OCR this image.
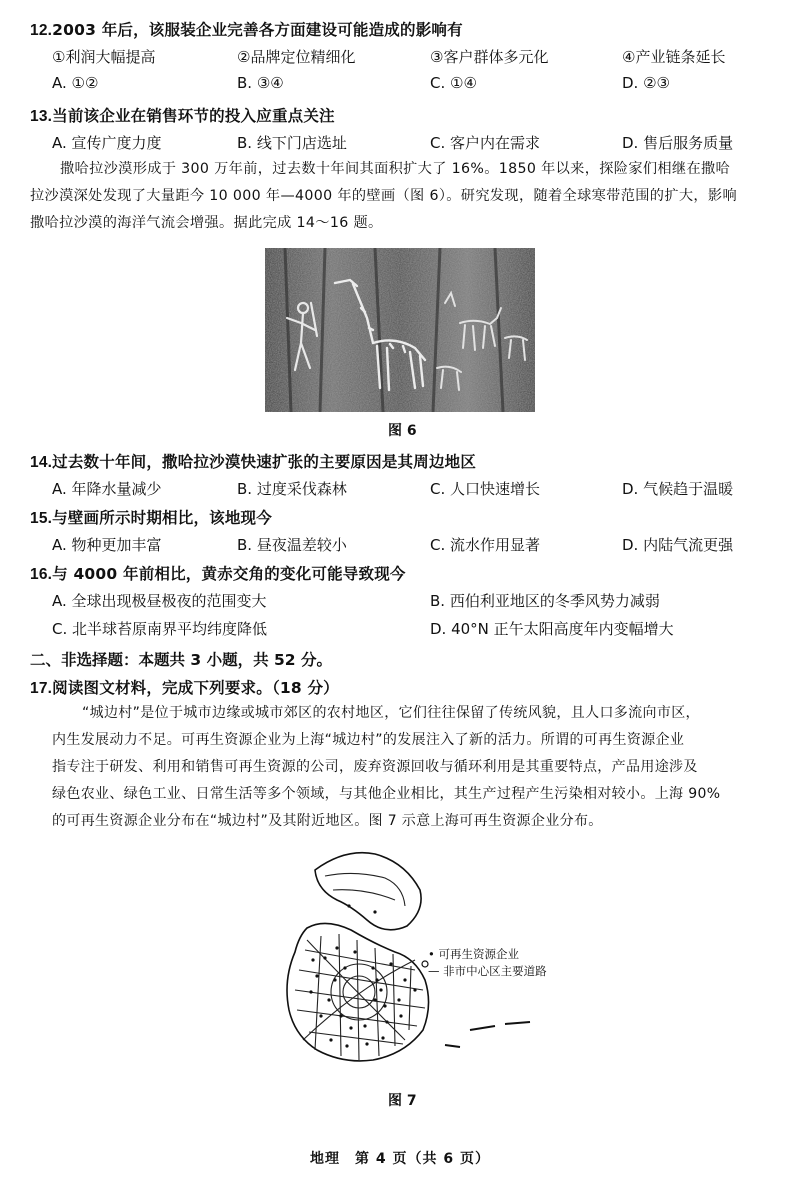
12.2003 年后，该服装企业完善各方面建设可能造成的影响有
①利润大幅提高	②品牌定位精细化	③客户群体多元化	④产业链条延长
A. ①②	B. ③④	C. ①④	D. ②③
13.当前该企业在销售环节的投入应重点关注
A. 宣传广度力度	B. 线下门店选址	C. 客户内在需求	D. 售后服务质量
撒哈拉沙漠形成于 300 万年前，过去数十年间其面积扩大了 16%。1850 年以来，探险家们相继在撒哈
拉沙漠深处发现了大量距今 10 000 年—4000 年的壁画（图 6）。研究发现，随着全球寒带范围的扩大，影响
撒哈拉沙漠的海洋气流会增强。据此完成 14～16 题。
图 6
14.过去数十年间，撒哈拉沙漠快速扩张的主要原因是其周边地区
A. 年降水量减少	B. 过度采伐森林	C. 人口快速增长	D. 气候趋于温暖
15.与壁画所示时期相比，该地现今
A. 物种更加丰富	B. 昼夜温差较小	C. 流水作用显著	D. 内陆气流更强
16.与 4000 年前相比，黄赤交角的变化可能导致现今
A. 全球出现极昼极夜的范围变大	B. 西伯利亚地区的冬季风势力减弱
C. 北半球苔原南界平均纬度降低	D. 40°N 正午太阳高度年内变幅增大
二、非选择题：本题共 3 小题，共 52 分。
17.阅读图文材料，完成下列要求。（18 分）
“城边村”是位于城市边缘或城市郊区的农村地区，它们往往保留了传统风貌，且人口多流向市区，
内生发展动力不足。可再生资源企业为上海“城边村”的发展注入了新的活力。所谓的可再生资源企业
指专注于研发、利用和销售可再生资源的公司，废弃资源回收与循环利用是其重要特点，产品用途涉及
绿色农业、绿色工业、日常生活等多个领域，与其他企业相比，其生产过程产生污染相对较小。上海 90%
的可再生资源企业分布在“城边村”及其附近地区。图 7 示意上海可再生资源企业分布。
• 可再生资源企业
— 非市中心区主要道路
图 7
地理　第 4 页（共 6 页）
